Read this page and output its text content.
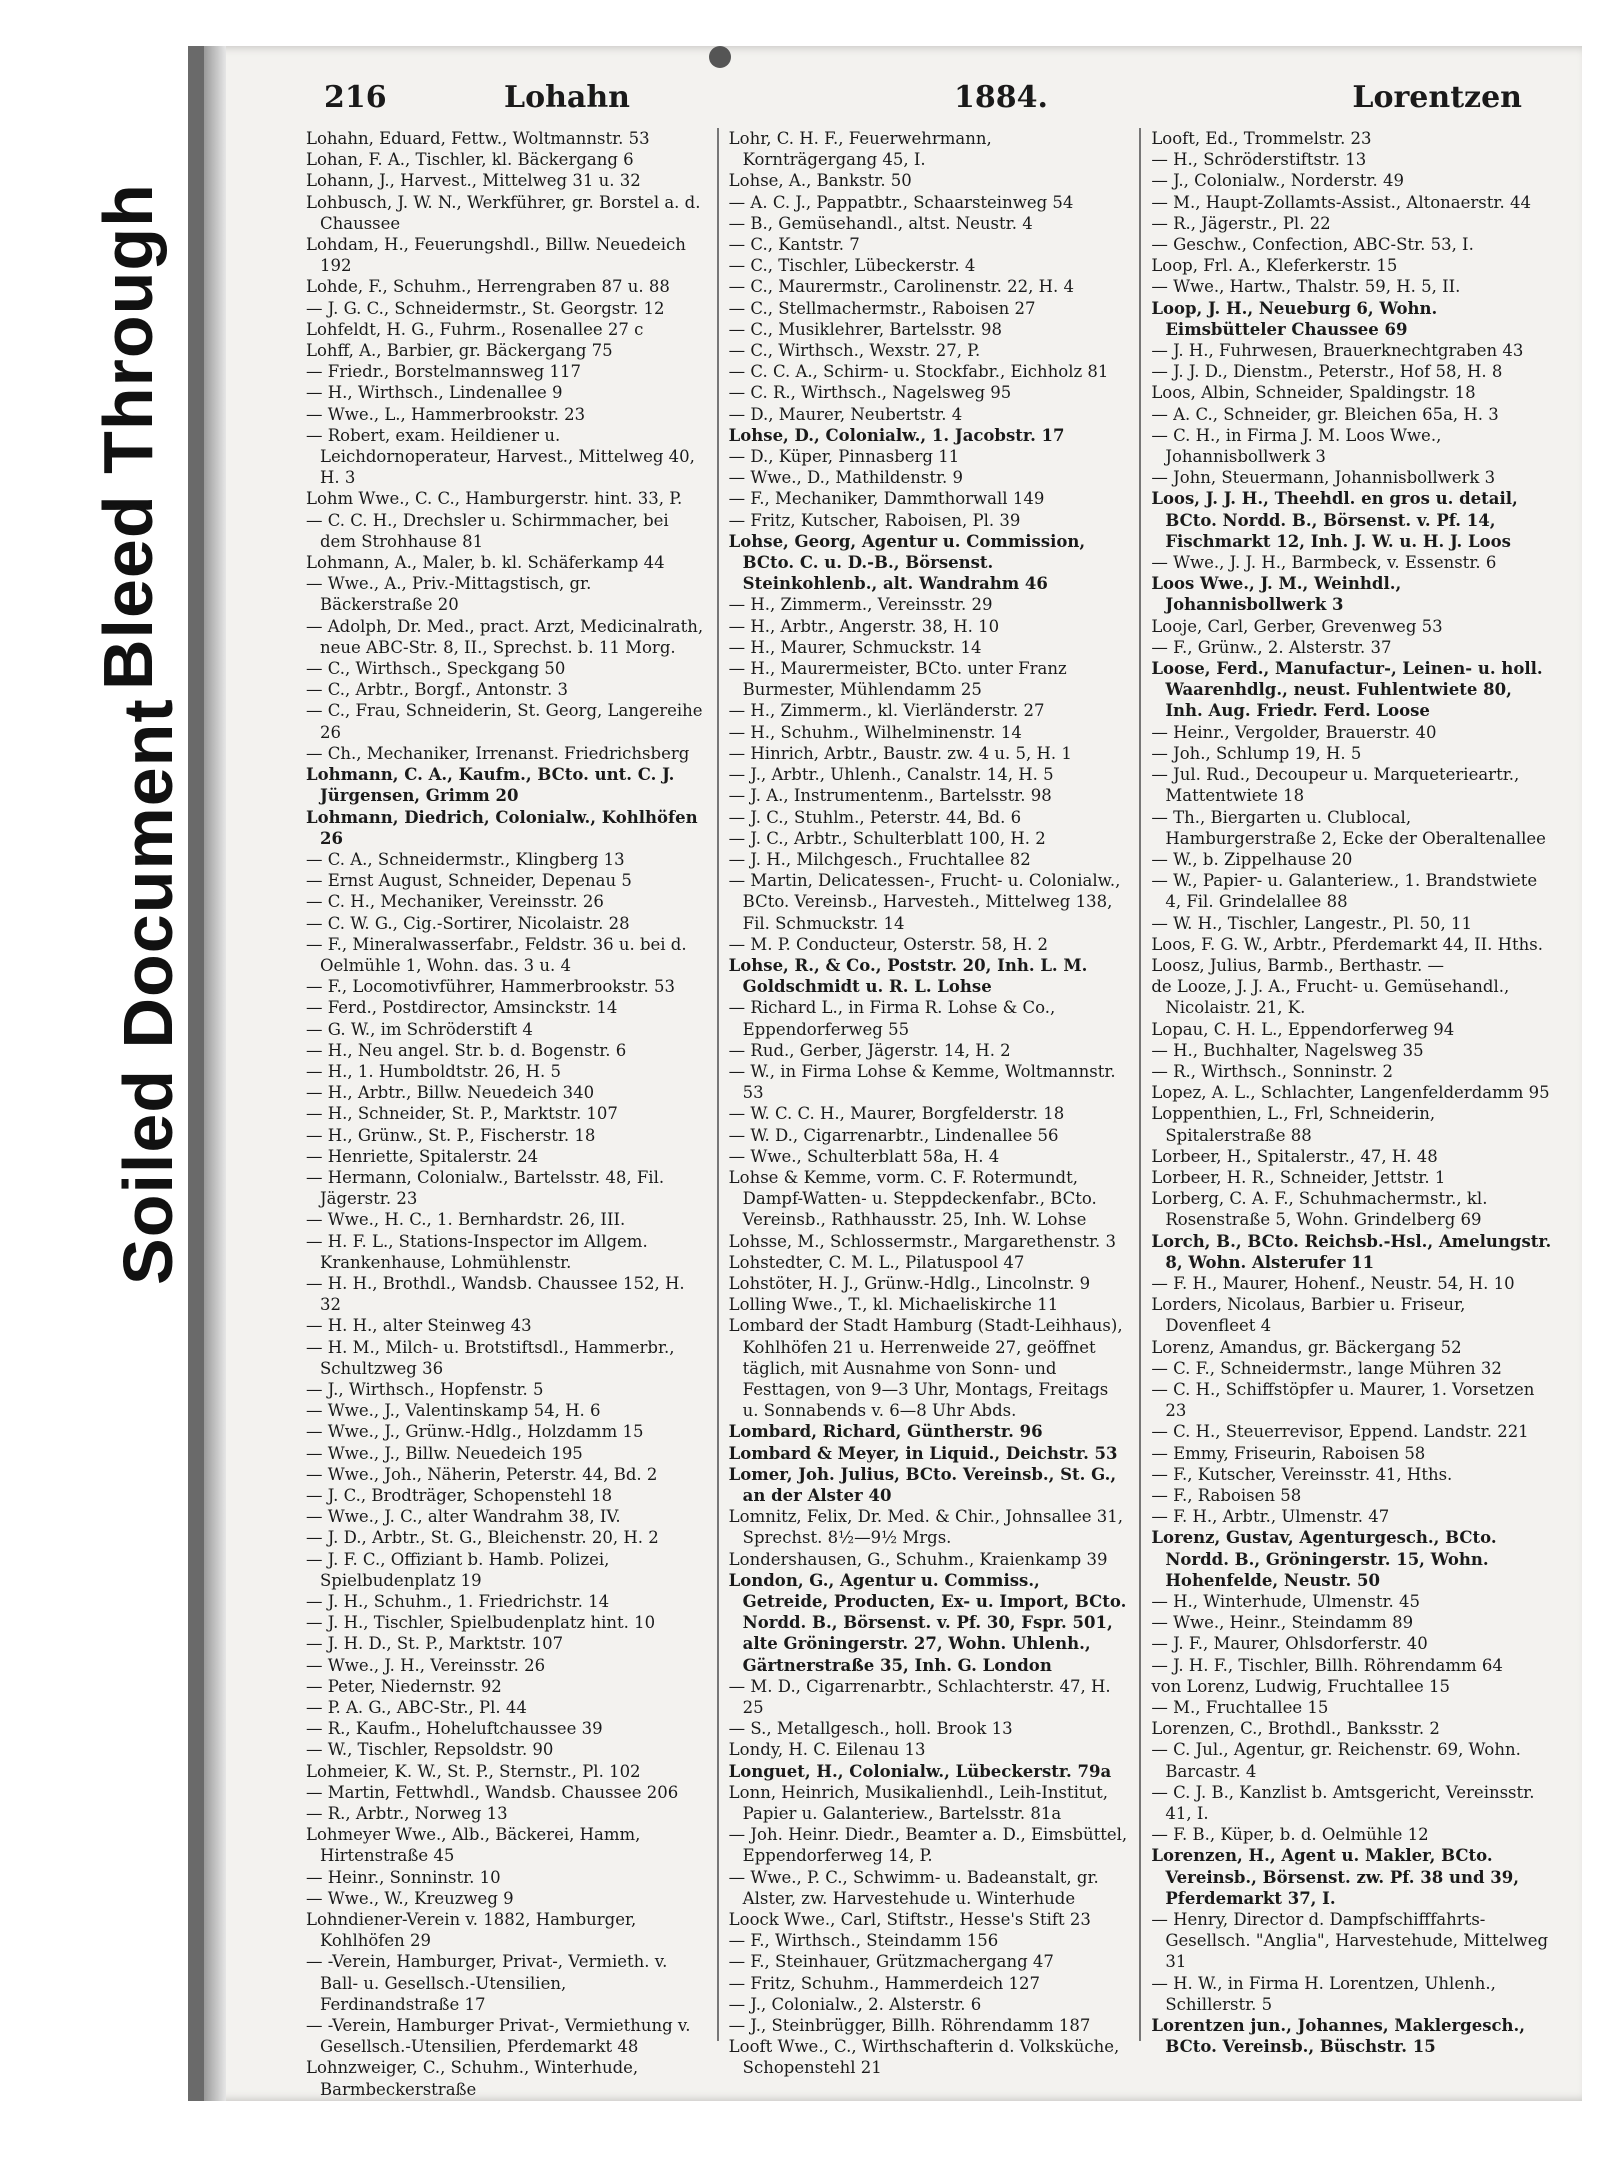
Soiled Document
Bleed Through
216	Lohahn	1884.	Lorentzen

Lohahn, Eduard, Fettw., Woltmannstr. 53

Lohan, F. A., Tischler, kl. Bäckergang 6

Lohann, J., Harvest., Mittelweg 31 u. 32

Lohbusch, J. W. N., Werkführer, gr. Borstel a. d. Chaussee

Lohdam, H., Feuerungshdl., Billw. Neuedeich 192

Lohde, F., Schuhm., Herrengraben 87 u. 88

— J. G. C., Schneidermstr., St. Georgstr. 12

Lohfeldt, H. G., Fuhrm., Rosenallee 27 c

Lohff, A., Barbier, gr. Bäckergang 75

— Friedr., Borstelmannsweg 117

— H., Wirthsch., Lindenallee 9

— Wwe., L., Hammerbrookstr. 23

— Robert, exam. Heildiener u. Leichdornoperateur, Harvest., Mittelweg 40, H. 3

Lohm Wwe., C. C., Hamburgerstr. hint. 33, P.

— C. C. H., Drechsler u. Schirmmacher, bei dem Strohhause 81

Lohmann, A., Maler, b. kl. Schäferkamp 44

— Wwe., A., Priv.-Mittagstisch, gr. Bäckerstraße 20

— Adolph, Dr. Med., pract. Arzt, Medicinalrath, neue ABC-Str. 8, II., Sprechst. b. 11 Morg.

— C., Wirthsch., Speckgang 50

— C., Arbtr., Borgf., Antonstr. 3

— C., Frau, Schneiderin, St. Georg, Langereihe 26

— Ch., Mechaniker, Irrenanst. Friedrichsberg

Lohmann, C. A., Kaufm., BCto. unt. C. J. Jürgensen, Grimm 20

Lohmann, Diedrich, Colonialw., Kohlhöfen 26

— C. A., Schneidermstr., Klingberg 13

— Ernst August, Schneider, Depenau 5

— C. H., Mechaniker, Vereinsstr. 26

— C. W. G., Cig.-Sortirer, Nicolaistr. 28

— F., Mineralwasserfabr., Feldstr. 36 u. bei d. Oelmühle 1, Wohn. das. 3 u. 4

— F., Locomotivführer, Hammerbrookstr. 53

— Ferd., Postdirector, Amsinckstr. 14

— G. W., im Schröderstift 4

— H., Neu angel. Str. b. d. Bogenstr. 6

— H., 1. Humboldtstr. 26, H. 5

— H., Arbtr., Billw. Neuedeich 340

— H., Schneider, St. P., Marktstr. 107

— H., Grünw., St. P., Fischerstr. 18

— Henriette, Spitalerstr. 24

— Hermann, Colonialw., Bartelsstr. 48, Fil. Jägerstr. 23

— Wwe., H. C., 1. Bernhardstr. 26, III.

— H. F. L., Stations-Inspector im Allgem. Krankenhause, Lohmühlenstr.

— H. H., Brothdl., Wandsb. Chaussee 152, H. 32

— H. H., alter Steinweg 43

— H. M., Milch- u. Brotstiftsdl., Hammerbr., Schultzweg 36

— J., Wirthsch., Hopfenstr. 5

— Wwe., J., Valentinskamp 54, H. 6

— Wwe., J., Grünw.-Hdlg., Holzdamm 15

— Wwe., J., Billw. Neuedeich 195

— Wwe., Joh., Näherin, Peterstr. 44, Bd. 2

— J. C., Brodträger, Schopenstehl 18

— Wwe., J. C., alter Wandrahm 38, IV.

— J. D., Arbtr., St. G., Bleichenstr. 20, H. 2

— J. F. C., Offiziant b. Hamb. Polizei, Spielbudenplatz 19

— J. H., Schuhm., 1. Friedrichstr. 14

— J. H., Tischler, Spielbudenplatz hint. 10

— J. H. D., St. P., Marktstr. 107

— Wwe., J. H., Vereinsstr. 26

— Peter, Niedernstr. 92

— P. A. G., ABC-Str., Pl. 44

— R., Kaufm., Hoheluftchaussee 39

— W., Tischler, Repsoldstr. 90

Lohmeier, K. W., St. P., Sternstr., Pl. 102

— Martin, Fettwhdl., Wandsb. Chaussee 206

— R., Arbtr., Norweg 13

Lohmeyer Wwe., Alb., Bäckerei, Hamm, Hirtenstraße 45

— Heinr., Sonninstr. 10

— Wwe., W., Kreuzweg 9

Lohndiener-Verein v. 1882, Hamburger, Kohlhöfen 29

— -Verein, Hamburger, Privat-, Vermieth. v. Ball- u. Gesellsch.-Utensilien, Ferdinandstraße 17

— -Verein, Hamburger Privat-, Vermiethung v. Gesellsch.-Utensilien, Pferdemarkt 48

Lohnzweiger, C., Schuhm., Winterhude, Barmbeckerstraße

Lohr, C. H. F., Feuerwehrmann, Kornträgergang 45, I.

Lohse, A., Bankstr. 50

— A. C. J., Pappatbtr., Schaarsteinweg 54

— B., Gemüsehandl., altst. Neustr. 4

— C., Kantstr. 7

— C., Tischler, Lübeckerstr. 4

— C., Maurermstr., Carolinenstr. 22, H. 4

— C., Stellmachermstr., Raboisen 27

— C., Musiklehrer, Bartelsstr. 98

— C., Wirthsch., Wexstr. 27, P.

— C. C. A., Schirm- u. Stockfabr., Eichholz 81

— C. R., Wirthsch., Nagelsweg 95

— D., Maurer, Neubertstr. 4

Lohse, D., Colonialw., 1. Jacobstr. 17

— D., Küper, Pinnasberg 11

— Wwe., D., Mathildenstr. 9

— F., Mechaniker, Dammthorwall 149

— Fritz, Kutscher, Raboisen, Pl. 39

Lohse, Georg, Agentur u. Commission, BCto. C. u. D.-B., Börsenst. Steinkohlenb., alt. Wandrahm 46

— H., Zimmerm., Vereinsstr. 29

— H., Arbtr., Angerstr. 38, H. 10

— H., Maurer, Schmuckstr. 14

— H., Maurermeister, BCto. unter Franz Burmester, Mühlendamm 25

— H., Zimmerm., kl. Vierländerstr. 27

— H., Schuhm., Wilhelminenstr. 14

— Hinrich, Arbtr., Baustr. zw. 4 u. 5, H. 1

— J., Arbtr., Uhlenh., Canalstr. 14, H. 5

— J. A., Instrumentenm., Bartelsstr. 98

— J. C., Stuhlm., Peterstr. 44, Bd. 6

— J. C., Arbtr., Schulterblatt 100, H. 2

— J. H., Milchgesch., Fruchtallee 82

— Martin, Delicatessen-, Frucht- u. Colonialw., BCto. Vereinsb., Harvesteh., Mittelweg 138, Fil. Schmuckstr. 14

— M. P. Conducteur, Osterstr. 58, H. 2

Lohse, R., & Co., Poststr. 20, Inh. L. M. Goldschmidt u. R. L. Lohse

— Richard L., in Firma R. Lohse & Co., Eppendorferweg 55

— Rud., Gerber, Jägerstr. 14, H. 2

— W., in Firma Lohse & Kemme, Woltmannstr. 53

— W. C. C. H., Maurer, Borgfelderstr. 18

— W. D., Cigarrenarbtr., Lindenallee 56

— Wwe., Schulterblatt 58a, H. 4

Lohse & Kemme, vorm. C. F. Rotermundt, Dampf-Watten- u. Steppdeckenfabr., BCto. Vereinsb., Rathhausstr. 25, Inh. W. Lohse

Lohsse, M., Schlossermstr., Margarethenstr. 3

Lohstedter, C. M. L., Pilatuspool 47

Lohstöter, H. J., Grünw.-Hdlg., Lincolnstr. 9

Lolling Wwe., T., kl. Michaeliskirche 11

Lombard der Stadt Hamburg (Stadt-Leihhaus), Kohlhöfen 21 u. Herrenweide 27, geöffnet täglich, mit Ausnahme von Sonn- und Festtagen, von 9—3 Uhr, Montags, Freitags u. Sonnabends v. 6—8 Uhr Abds.

Lombard, Richard, Güntherstr. 96

Lombard & Meyer, in Liquid., Deichstr. 53

Lomer, Joh. Julius, BCto. Vereinsb., St. G., an der Alster 40

Lomnitz, Felix, Dr. Med. & Chir., Johnsallee 31, Sprechst. 8½—9½ Mrgs.

Londershausen, G., Schuhm., Kraienkamp 39

London, G., Agentur u. Commiss., Getreide, Producten, Ex- u. Import, BCto. Nordd. B., Börsenst. v. Pf. 30, Fspr. 501, alte Gröningerstr. 27, Wohn. Uhlenh., Gärtnerstraße 35, Inh. G. London

— M. D., Cigarrenarbtr., Schlachterstr. 47, H. 25

— S., Metallgesch., holl. Brook 13

Londy, H. C. Eilenau 13

Longuet, H., Colonialw., Lübeckerstr. 79a

Lonn, Heinrich, Musikalienhdl., Leih-Institut, Papier u. Galanteriew., Bartelsstr. 81a

— Joh. Heinr. Diedr., Beamter a. D., Eimsbüttel, Eppendorferweg 14, P.

— Wwe., P. C., Schwimm- u. Badeanstalt, gr. Alster, zw. Harvestehude u. Winterhude

Loock Wwe., Carl, Stiftstr., Hesse's Stift 23

— F., Wirthsch., Steindamm 156

— F., Steinhauer, Grützmachergang 47

— Fritz, Schuhm., Hammerdeich 127

— J., Colonialw., 2. Alsterstr. 6

— J., Steinbrügger, Billh. Röhrendamm 187

Looft Wwe., C., Wirthschafterin d. Volksküche, Schopenstehl 21

Looft, Ed., Trommelstr. 23

— H., Schröderstiftstr. 13

— J., Colonialw., Norderstr. 49

— M., Haupt-Zollamts-Assist., Altonaerstr. 44

— R., Jägerstr., Pl. 22

— Geschw., Confection, ABC-Str. 53, I.

Loop, Frl. A., Kleferkerstr. 15

— Wwe., Hartw., Thalstr. 59, H. 5, II.

Loop, J. H., Neueburg 6, Wohn. Eimsbütteler Chaussee 69

— J. H., Fuhrwesen, Brauerknechtgraben 43

— J. J. D., Dienstm., Peterstr., Hof 58, H. 8

Loos, Albin, Schneider, Spaldingstr. 18

— A. C., Schneider, gr. Bleichen 65a, H. 3

— C. H., in Firma J. M. Loos Wwe., Johannisbollwerk 3

— John, Steuermann, Johannisbollwerk 3

Loos, J. J. H., Theehdl. en gros u. detail, BCto. Nordd. B., Börsenst. v. Pf. 14, Fischmarkt 12, Inh. J. W. u. H. J. Loos

— Wwe., J. J. H., Barmbeck, v. Essenstr. 6

Loos Wwe., J. M., Weinhdl., Johannisbollwerk 3

Looje, Carl, Gerber, Grevenweg 53

— F., Grünw., 2. Alsterstr. 37

Loose, Ferd., Manufactur-, Leinen- u. holl. Waarenhdlg., neust. Fuhlentwiete 80, Inh. Aug. Friedr. Ferd. Loose

— Heinr., Vergolder, Brauerstr. 40

— Joh., Schlump 19, H. 5

— Jul. Rud., Decoupeur u. Marqueterieartr., Mattentwiete 18

— Th., Biergarten u. Clublocal, Hamburgerstraße 2, Ecke der Oberaltenallee

— W., b. Zippelhause 20

— W., Papier- u. Galanteriew., 1. Brandstwiete 4, Fil. Grindelallee 88

— W. H., Tischler, Langestr., Pl. 50, 11

Loos, F. G. W., Arbtr., Pferdemarkt 44, II. Hths.

Loosz, Julius, Barmb., Berthastr. —

de Looze, J. J. A., Frucht- u. Gemüsehandl., Nicolaistr. 21, K.

Lopau, C. H. L., Eppendorferweg 94

— H., Buchhalter, Nagelsweg 35

— R., Wirthsch., Sonninstr. 2

Lopez, A. L., Schlachter, Langenfelderdamm 95

Loppenthien, L., Frl, Schneiderin, Spitalerstraße 88

Lorbeer, H., Spitalerstr., 47, H. 48

Lorbeer, H. R., Schneider, Jettstr. 1

Lorberg, C. A. F., Schuhmachermstr., kl. Rosenstraße 5, Wohn. Grindelberg 69

Lorch, B., BCto. Reichsb.-Hsl., Amelungstr. 8, Wohn. Alsterufer 11

— F. H., Maurer, Hohenf., Neustr. 54, H. 10

Lorders, Nicolaus, Barbier u. Friseur, Dovenfleet 4

Lorenz, Amandus, gr. Bäckergang 52

— C. F., Schneidermstr., lange Mühren 32

— C. H., Schiffstöpfer u. Maurer, 1. Vorsetzen 23

— C. H., Steuerrevisor, Eppend. Landstr. 221

— Emmy, Friseurin, Raboisen 58

— F., Kutscher, Vereinsstr. 41, Hths.

— F., Raboisen 58

— F. H., Arbtr., Ulmenstr. 47

Lorenz, Gustav, Agenturgesch., BCto. Nordd. B., Gröningerstr. 15, Wohn. Hohenfelde, Neustr. 50

— H., Winterhude, Ulmenstr. 45

— Wwe., Heinr., Steindamm 89

— J. F., Maurer, Ohlsdorferstr. 40

— J. H. F., Tischler, Billh. Röhrendamm 64

von Lorenz, Ludwig, Fruchtallee 15

— M., Fruchtallee 15

Lorenzen, C., Brothdl., Banksstr. 2

— C. Jul., Agentur, gr. Reichenstr. 69, Wohn. Barcastr. 4

— C. J. B., Kanzlist b. Amtsgericht, Vereinsstr. 41, I.

— F. B., Küper, b. d. Oelmühle 12

Lorenzen, H., Agent u. Makler, BCto. Vereinsb., Börsenst. zw. Pf. 38 und 39, Pferdemarkt 37, I.

— Henry, Director d. Dampfschifffahrts-Gesellsch. "Anglia", Harvestehude, Mittelweg 31

— H. W., in Firma H. Lorentzen, Uhlenh., Schillerstr. 5

Lorentzen jun., Johannes, Maklergesch., BCto. Vereinsb., Büschstr. 15
